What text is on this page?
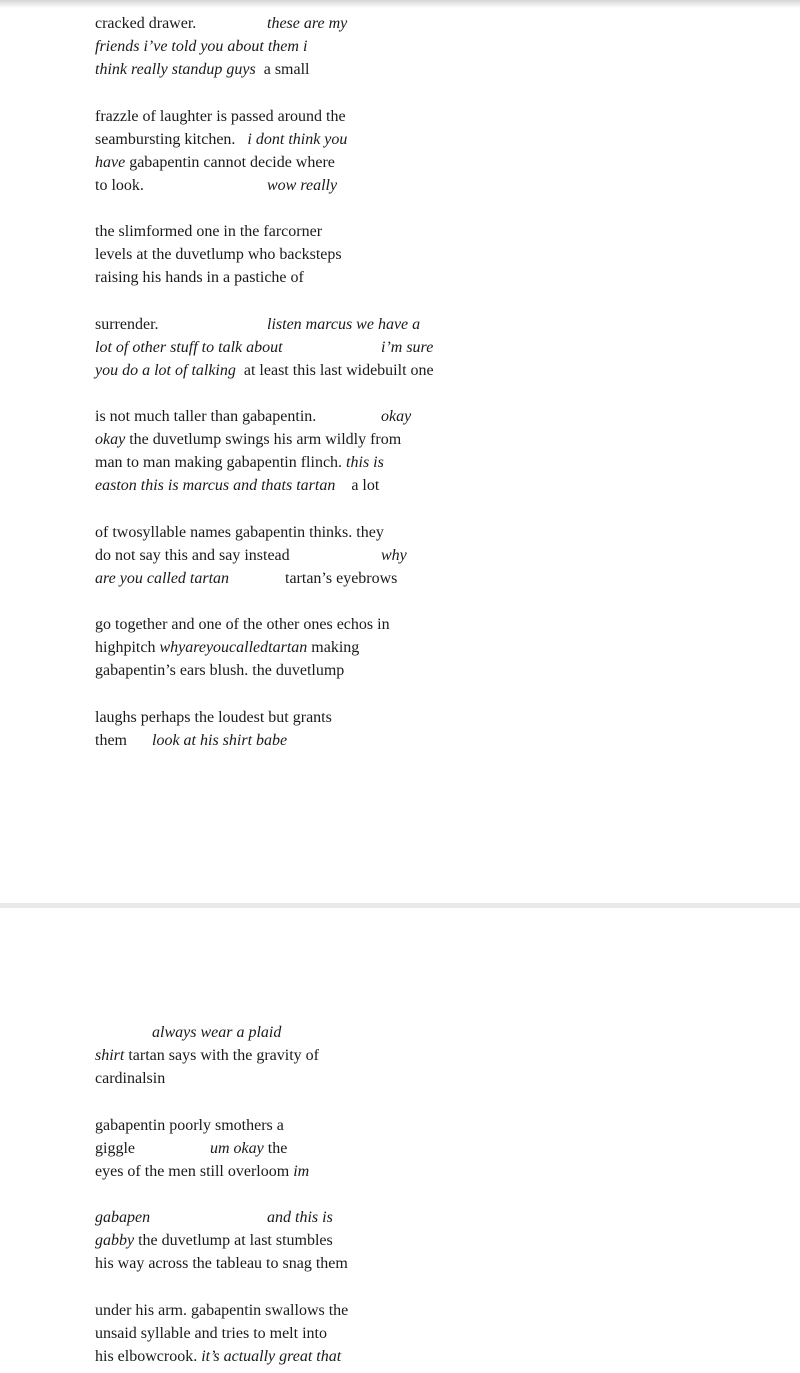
cracked drawer.	these are my
friends i’ve told you about them i
think really standup guys a small
frazzle of laughter is passed around the
seambursting kitchen. i dont think you
have gabapentin cannot decide where
to look.	wow really
the slimformed one in the farcorner
levels at the duvetlump who backsteps
raising his hands in a pastiche of
surrender.	listen marcus we have a
lot of other stuff to talk about	i’m sure
you do a lot of talking at least this last widebuilt one
is not much taller than gabapentin.	okay
okay the duvetlump swings his arm wildly from
man to man making gabapentin flinch. this is
easton this is marcus and thats tartan a lot
of twosyllable names gabapentin thinks. they
do not say this and say instead	why
are you called tartan	tartan’s eyebrows
go together and one of the other ones echos in
highpitch whyareyoucalledtartan making
gabapentin’s ears blush. the duvetlump
laughs perhaps the loudest but grants
them look at his shirt babe
always wear a plaid
shirt tartan says with the gravity of
cardinalsin
gabapentin poorly smothers a
giggle	um okay the
eyes of the men still overloom im
gabapen	and this is
gabby the duvetlump at last stumbles
his way across the tableau to snag them
under his arm. gabapentin swallows the
unsaid syllable and tries to melt into
his elbowcrook. it’s actually great that
